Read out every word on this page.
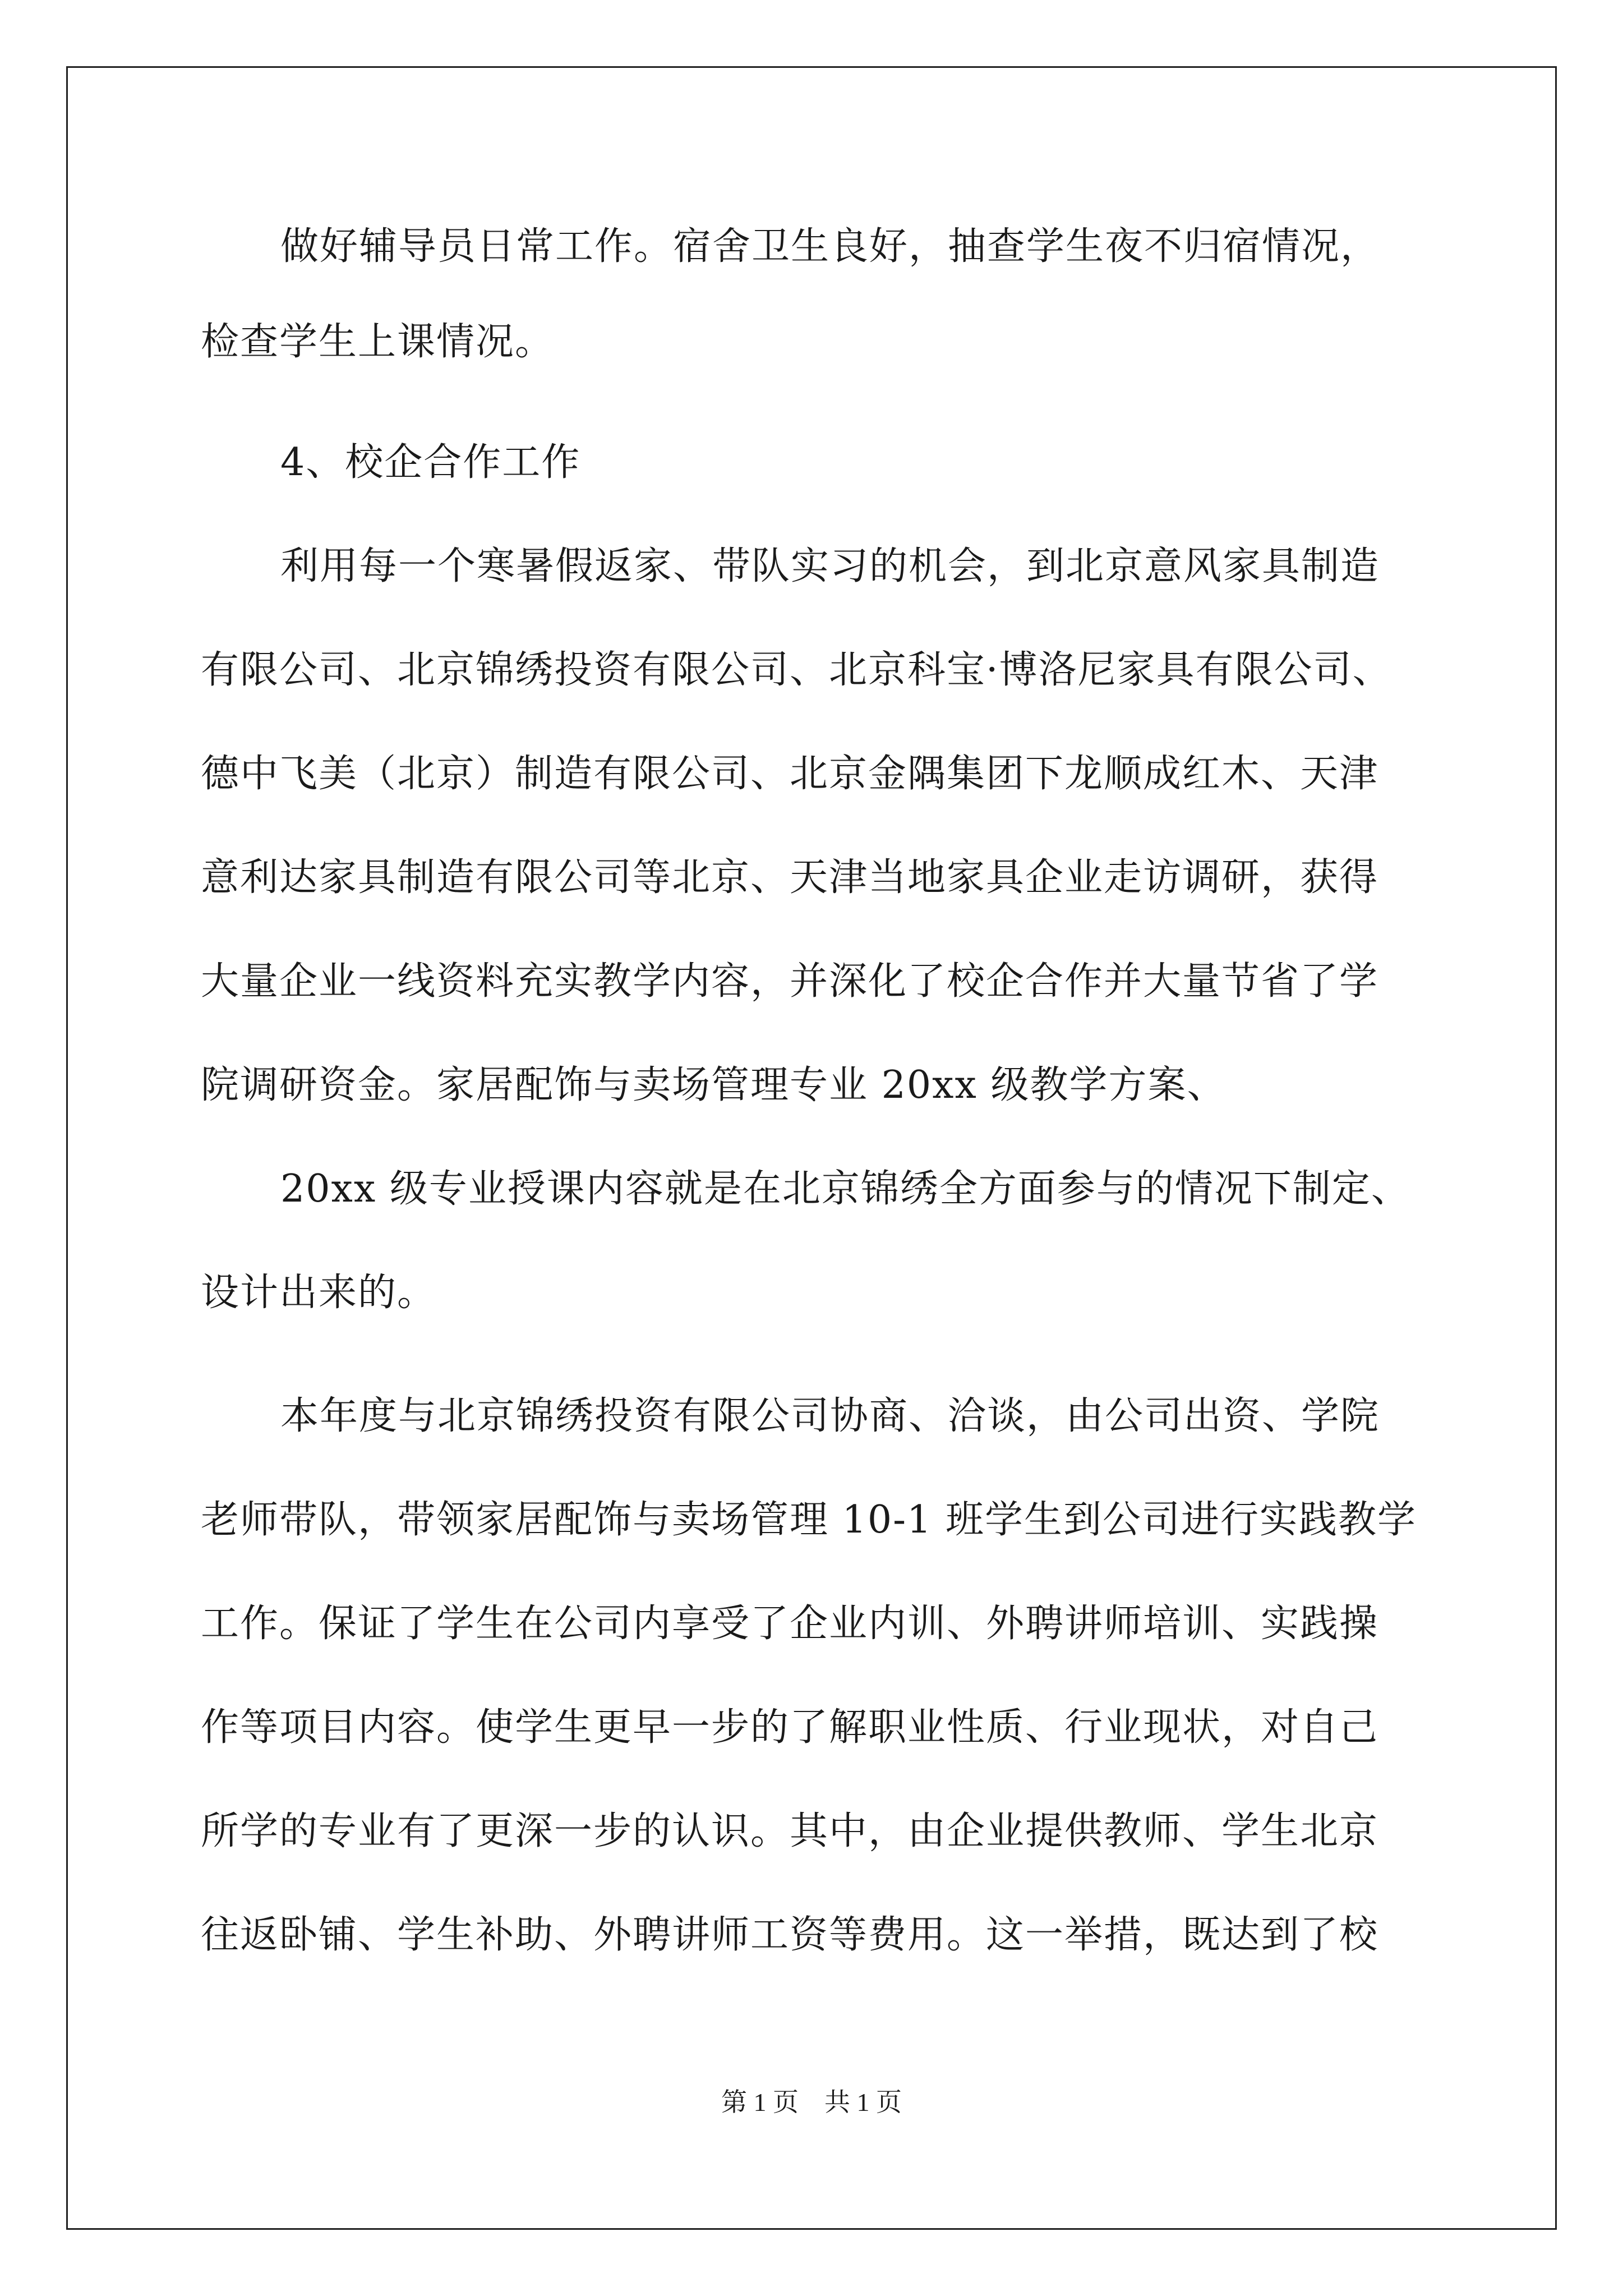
做好辅导员日常工作。宿舍卫生良好，抽查学生夜不归宿情况，
检查学生上课情况。
4、校企合作工作
利用每一个寒暑假返家、带队实习的机会，到北京意风家具制造
有限公司、北京锦绣投资有限公司、北京科宝·博洛尼家具有限公司、
德中飞美（北京）制造有限公司、北京金隅集团下龙顺成红木、天津
意利达家具制造有限公司等北京、天津当地家具企业走访调研，获得
大量企业一线资料充实教学内容，并深化了校企合作并大量节省了学
院调研资金。家居配饰与卖场管理专业 20xx 级教学方案、
20xx 级专业授课内容就是在北京锦绣全方面参与的情况下制定、
设计出来的。
本年度与北京锦绣投资有限公司协商、洽谈，由公司出资、学院
老师带队，带领家居配饰与卖场管理 10-1 班学生到公司进行实践教学
工作。保证了学生在公司内享受了企业内训、外聘讲师培训、实践操
作等项目内容。使学生更早一步的了解职业性质、行业现状，对自己
所学的专业有了更深一步的认识。其中，由企业提供教师、学生北京
往返卧铺、学生补助、外聘讲师工资等费用。这一举措，既达到了校
第 1 页　共 1 页
